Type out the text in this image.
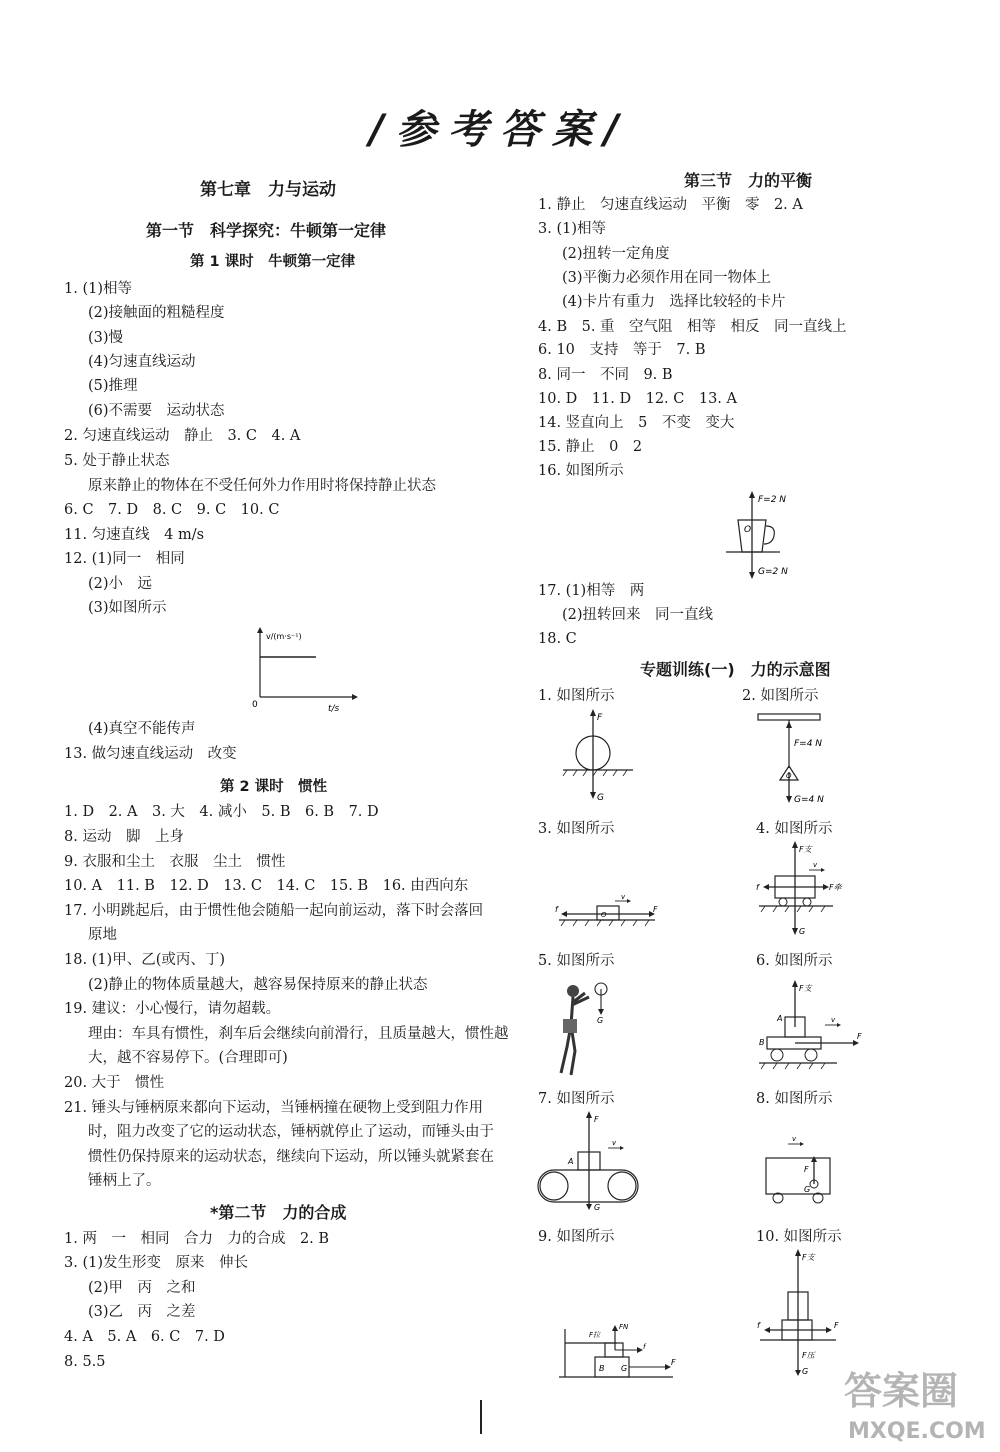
/参考答案/
第七章　力与运动
第一节　科学探究：牛顿第一定律
第 1 课时　牛顿第一定律
1. (1)相等
(2)接触面的粗糙程度
(3)慢
(4)匀速直线运动
(5)推理
(6)不需要　运动状态
2. 匀速直线运动　静止　3. C　4. A
5. 处于静止状态
原来静止的物体在不受任何外力作用时将保持静止状态
6. C　7. D　8. C　9. C　10. C
11. 匀速直线　4 m/s
12. (1)同一　相同
(2)小　远
(3)如图所示
v/(m·s⁻¹)
t/s
0
(4)真空不能传声
13. 做匀速直线运动　改变
第 2 课时　惯性
1. D　2. A　3. 大　4. 减小　5. B　6. B　7. D
8. 运动　脚　上身
9. 衣服和尘土　衣服　尘土　惯性
10. A　11. B　12. D　13. C　14. C　15. B　16. 由西向东
17. 小明跳起后，由于惯性他会随船一起向前运动，落下时会落回
原地
18. (1)甲、乙(或丙、丁)
(2)静止的物体质量越大，越容易保持原来的静止状态
19. 建议：小心慢行，请勿超载。
理由：车具有惯性，刹车后会继续向前滑行，且质量越大，惯性越
大，越不容易停下。(合理即可)
20. 大于　惯性
21. 锤头与锤柄原来都向下运动，当锤柄撞在硬物上受到阻力作用
时，阻力改变了它的运动状态，锤柄就停止了运动，而锤头由于
惯性仍保持原来的运动状态，继续向下运动，所以锤头就紧套在
锤柄上了。
*第二节　力的合成
1. 两　一　相同　合力　力的合成　2. B
3. (1)发生形变　原来　伸长
(2)甲　丙　之和
(3)乙　丙　之差
4. A　5. A　6. C　7. D
8. 5.5
第三节　力的平衡
1. 静止　匀速直线运动　平衡　零　2. A
3. (1)相等
(2)扭转一定角度
(3)平衡力必须作用在同一物体上
(4)卡片有重力　选择比较轻的卡片
4. B　5. 重　空气阻　相等　相反　同一直线上
6. 10　支持　等于　7. B
8. 同一　不同　9. B
10. D　11. D　12. C　13. A
14. 竖直向上　5　不变　变大
15. 静止　0　2
16. 如图所示
O
F=2 N
G=2 N
17. (1)相等　两
(2)扭转回来　同一直线
18. C
专题训练(一)　力的示意图
1. 如图所示	2. 如图所示
3. 如图所示	4. 如图所示
5. 如图所示	6. 如图所示
7. 如图所示	8. 如图所示
9. 如图所示	10. 如图所示
F
G
F=4 N
G=4 N
O
v
f	F
O
F支
v
f	F牵
G
G
F支
A
B
v
F
F
A
v
G
v
F
G
FN
F拉
f
B G
F
F支
f	F
F压
G 答案圈
MXQE.COM
